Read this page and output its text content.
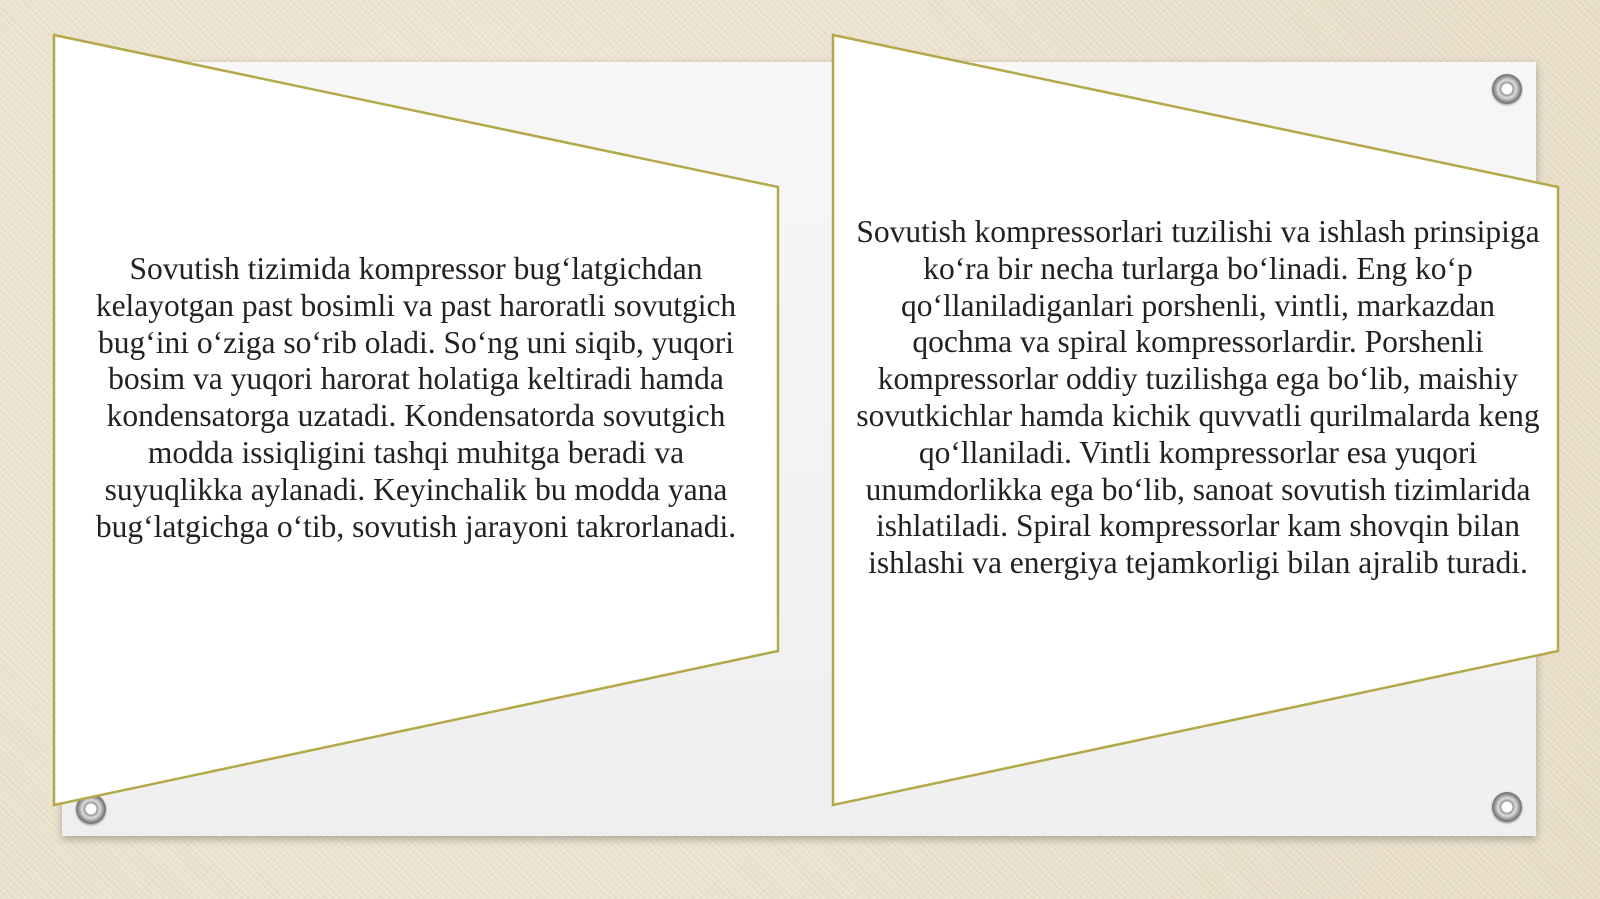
Sovutish tizimida kompressor bug‘latgichdan kelayotgan past bosimli va past haroratli sovutgich bug‘ini o‘ziga so‘rib oladi. So‘ng uni siqib, yuqori bosim va yuqori harorat holatiga keltiradi hamda kondensatorga uzatadi. Kondensatorda sovutgich modda issiqligini tashqi muhitga beradi va suyuqlikka aylanadi. Keyinchalik bu modda yana bug‘latgichga o‘tib, sovutish jarayoni takrorlanadi.

Sovutish kompressorlari tuzilishi va ishlash prinsipiga ko‘ra bir necha turlarga bo‘linadi. Eng ko‘p qo‘llaniladiganlari porshenli, vintli, markazdan qochma va spiral kompressorlardir. Porshenli kompressorlar oddiy tuzilishga ega bo‘lib, maishiy sovutkichlar hamda kichik quvvatli qurilmalarda keng qo‘llaniladi. Vintli kompressorlar esa yuqori unumdorlikka ega bo‘lib, sanoat sovutish tizimlarida ishlatiladi. Spiral kompressorlar kam shovqin bilan ishlashi va energiya tejamkorligi bilan ajralib turadi.
